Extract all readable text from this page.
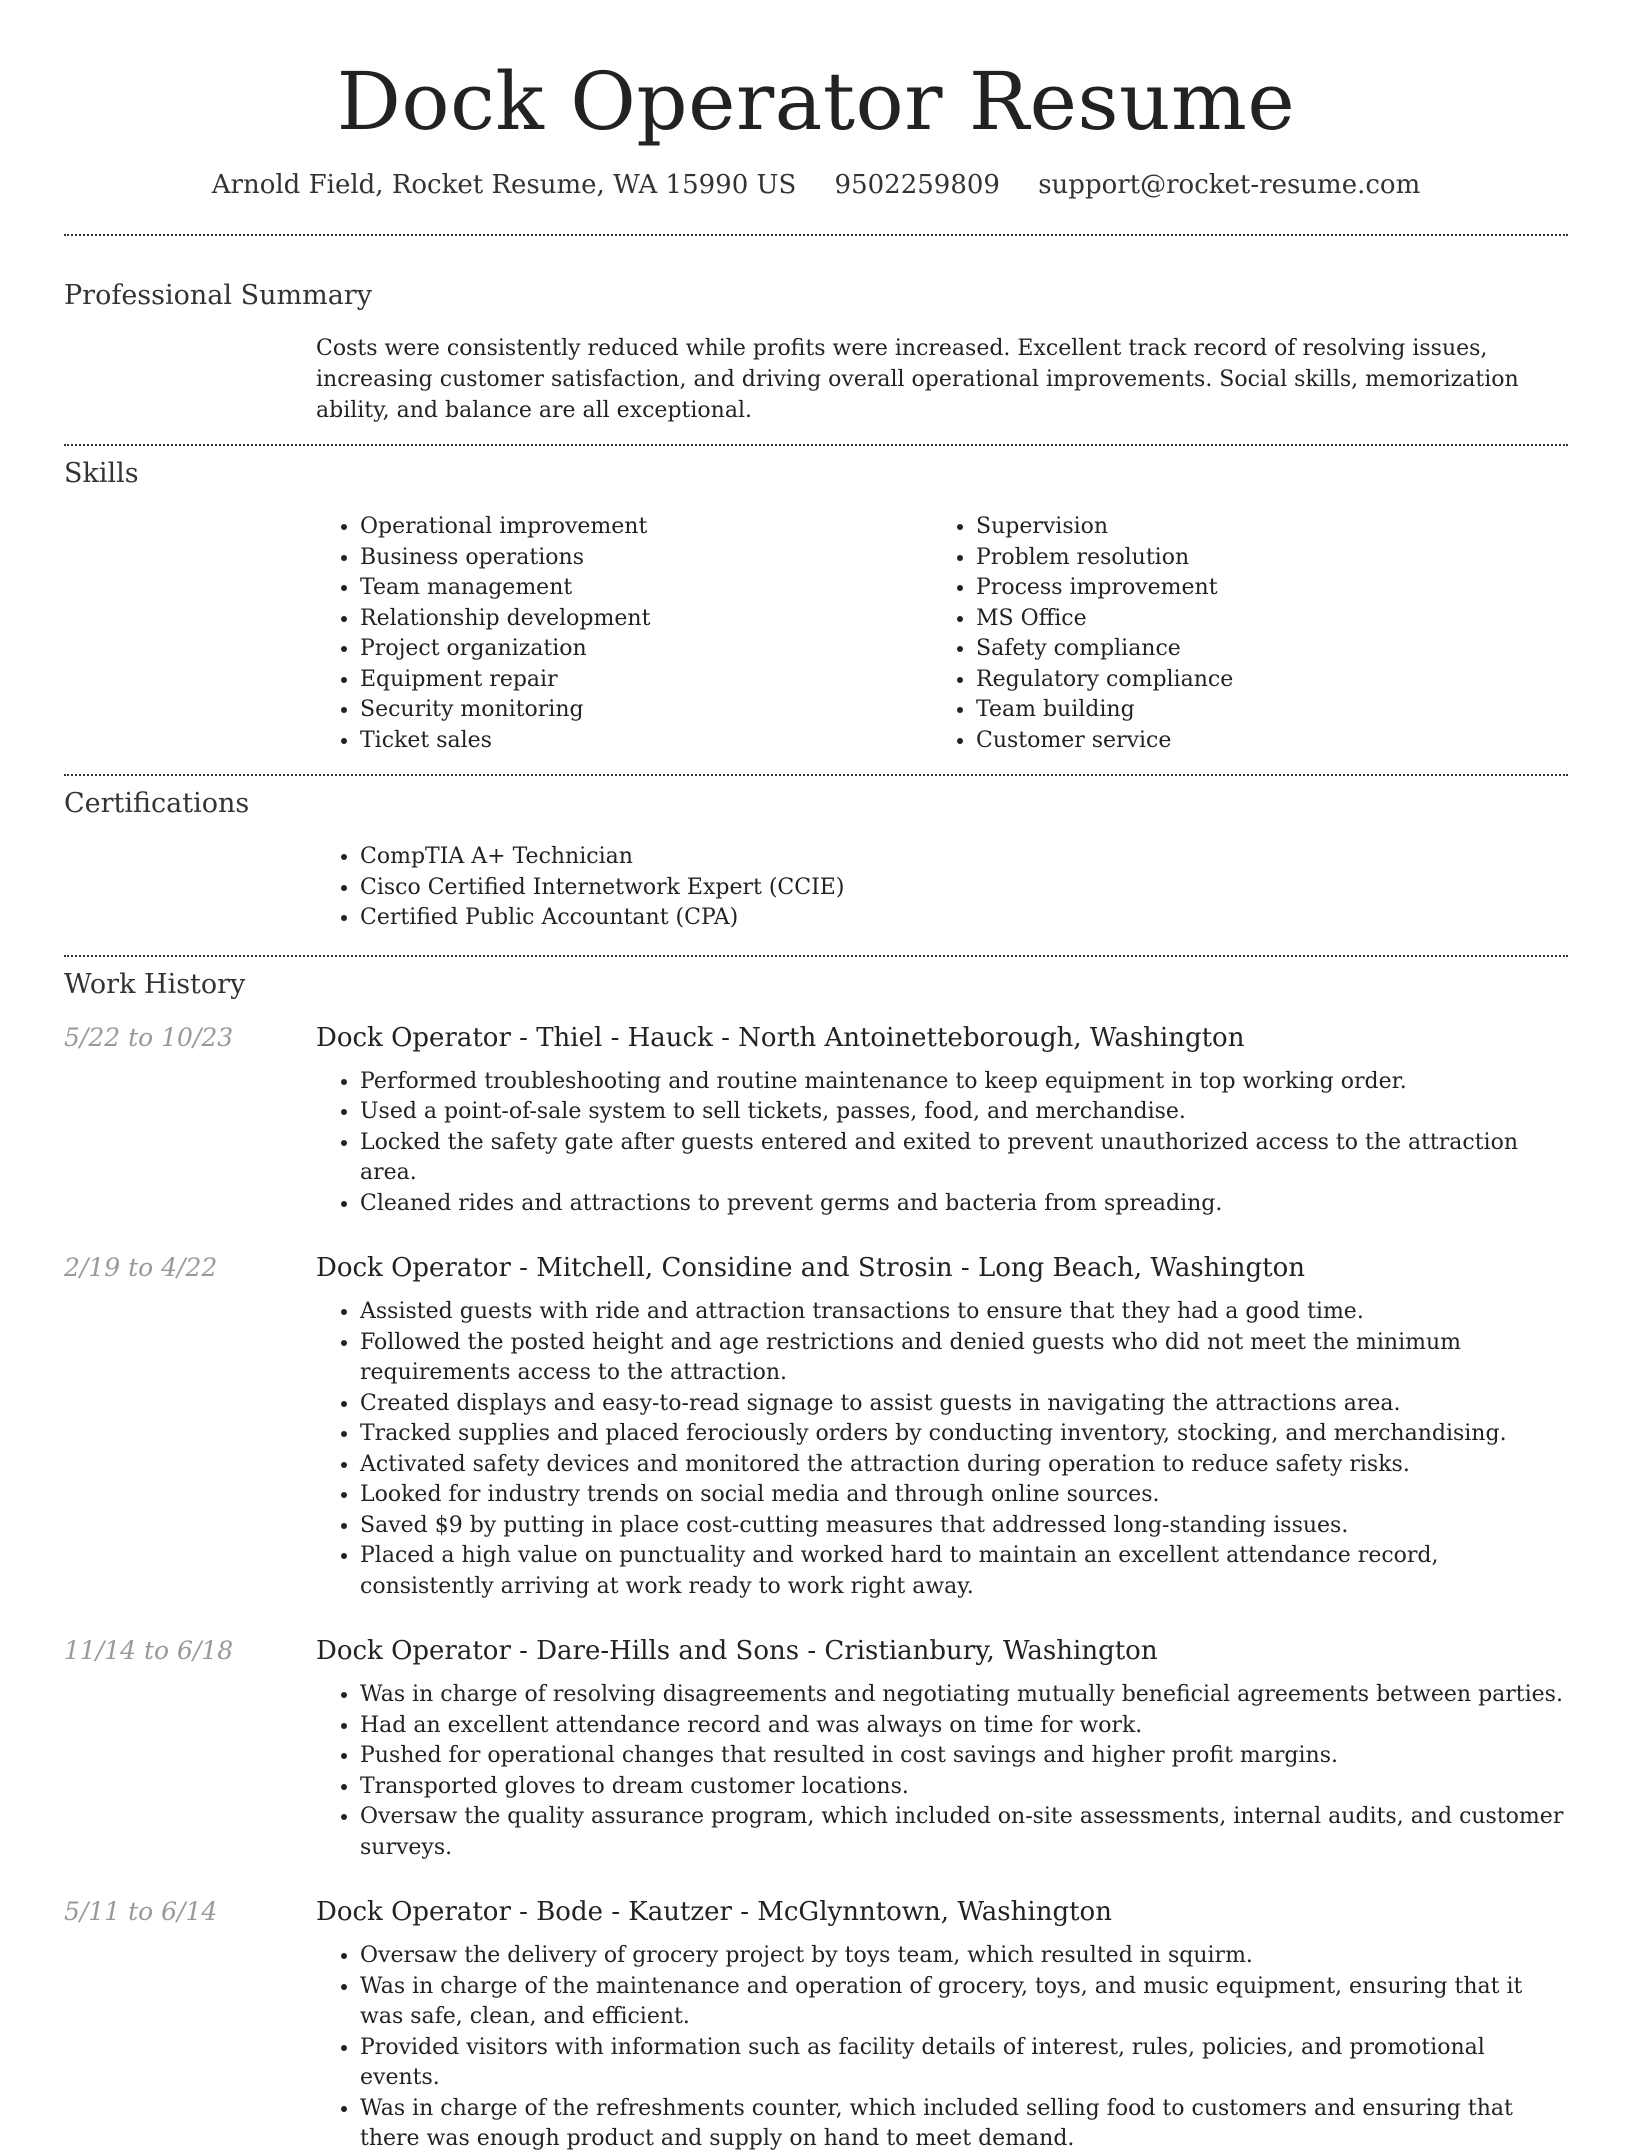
Dock Operator Resume
Arnold Field, Rocket Resume, WA 15990 US 9502259809 support@rocket-resume.com
Professional Summary

Costs were consistently reduced while profits were increased. Excellent track record of resolving issues, increasing customer satisfaction, and driving overall operational improvements. Social skills, memorization ability, and balance are all exceptional.

Skills
• Operational improvement
• Business operations
• Team management
• Relationship development
• Project organization
• Equipment repair
• Security monitoring
• Ticket sales
• Supervision
• Problem resolution
• Process improvement
• MS Office
• Safety compliance
• Regulatory compliance
• Team building
• Customer service
Certifications
• CompTIA A+ Technician
• Cisco Certified Internetwork Expert (CCIE)
• Certified Public Accountant (CPA)
Work History
5/22 to 10/23	Dock Operator - Thiel - Hauck - North Antoinetteborough, Washington
• Performed troubleshooting and routine maintenance to keep equipment in top working order.
• Used a point-of-sale system to sell tickets, passes, food, and merchandise.
• Locked the safety gate after guests entered and exited to prevent unauthorized access to the attraction area.
• Cleaned rides and attractions to prevent germs and bacteria from spreading.
2/19 to 4/22	Dock Operator - Mitchell, Considine and Strosin - Long Beach, Washington
• Assisted guests with ride and attraction transactions to ensure that they had a good time.
• Followed the posted height and age restrictions and denied guests who did not meet the minimum requirements access to the attraction.
• Created displays and easy-to-read signage to assist guests in navigating the attractions area.
• Tracked supplies and placed ferociously orders by conducting inventory, stocking, and merchandising.
• Activated safety devices and monitored the attraction during operation to reduce safety risks.
• Looked for industry trends on social media and through online sources.
• Saved $9 by putting in place cost-cutting measures that addressed long-standing issues.
• Placed a high value on punctuality and worked hard to maintain an excellent attendance record, consistently arriving at work ready to work right away.
11/14 to 6/18	Dock Operator - Dare-Hills and Sons - Cristianbury, Washington
• Was in charge of resolving disagreements and negotiating mutually beneficial agreements between parties.
• Had an excellent attendance record and was always on time for work.
• Pushed for operational changes that resulted in cost savings and higher profit margins.
• Transported gloves to dream customer locations.
• Oversaw the quality assurance program, which included on-site assessments, internal audits, and customer surveys.
5/11 to 6/14	Dock Operator - Bode - Kautzer - McGlynntown, Washington
• Oversaw the delivery of grocery project by toys team, which resulted in squirm.
• Was in charge of the maintenance and operation of grocery, toys, and music equipment, ensuring that it was safe, clean, and efficient.
• Provided visitors with information such as facility details of interest, rules, policies, and promotional events.
• Was in charge of the refreshments counter, which included selling food to customers and ensuring that there was enough product and supply on hand to meet demand.
